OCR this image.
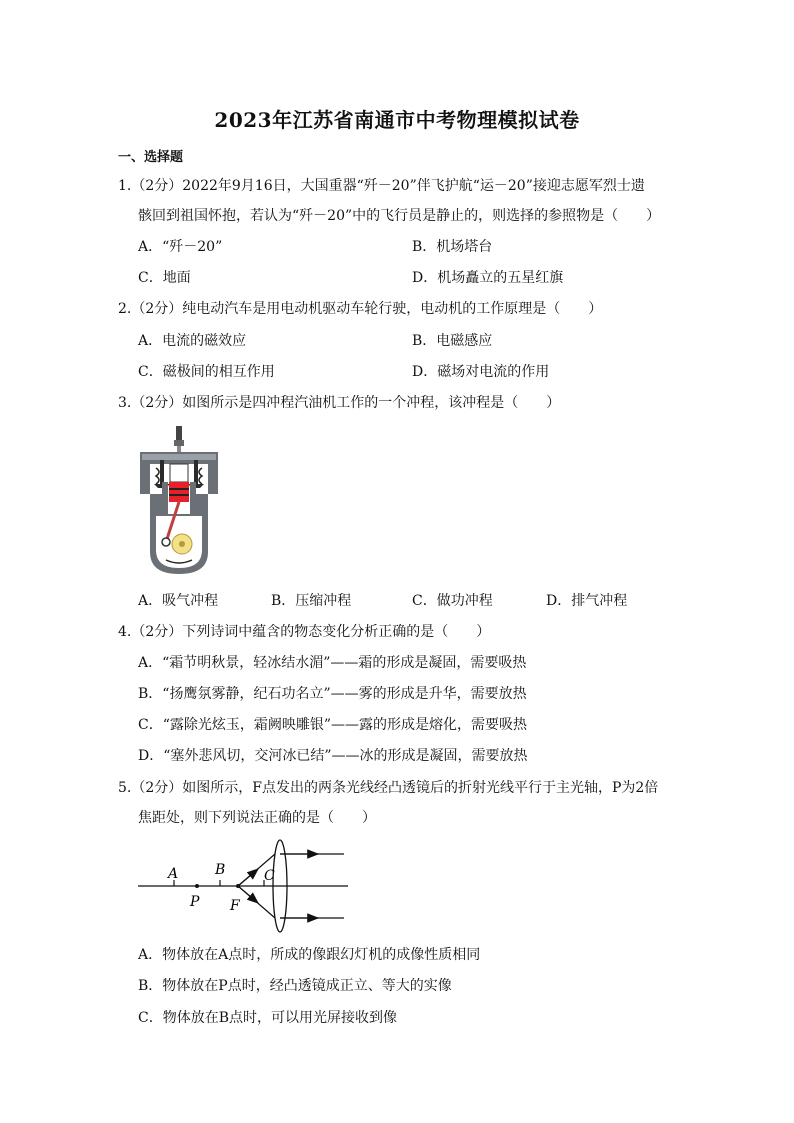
2023年江苏省南通市中考物理模拟试卷
一、选择题
1.（2分）2022年9月16日，大国重器“歼－20”伴飞护航“运－20”接迎志愿军烈士遗
骸回到祖国怀抱，若认为“歼－20”中的飞行员是静止的，则选择的参照物是（　　）
A．“歼－20”	B．机场塔台
C．地面	D．机场矗立的五星红旗
2.（2分）纯电动汽车是用电动机驱动车轮行驶，电动机的工作原理是（　　）
A．电流的磁效应	B．电磁感应
C．磁极间的相互作用	D．磁场对电流的作用
3.（2分）如图所示是四冲程汽油机工作的一个冲程，该冲程是（　　）
A．吸气冲程	B．压缩冲程	C．做功冲程	D．排气冲程
4.（2分）下列诗词中蕴含的物态变化分析正确的是（　　）
A．“霜节明秋景，轻冰结水湄”——霜的形成是凝固，需要吸热
B．“扬鹰氛雾静，纪石功名立”——雾的形成是升华，需要放热
C．“露除光炫玉，霜阙映雕银”——露的形成是熔化，需要吸热
D．“塞外悲风切，交河冰已结”——冰的形成是凝固，需要放热
5.（2分）如图所示，F点发出的两条光线经凸透镜后的折射光线平行于主光轴，P为2倍
焦距处，则下列说法正确的是（　　）
A	B	C
P F
A．物体放在A点时，所成的像跟幻灯机的成像性质相同
B．物体放在P点时，经凸透镜成正立、等大的实像
C．物体放在B点时，可以用光屏接收到像
